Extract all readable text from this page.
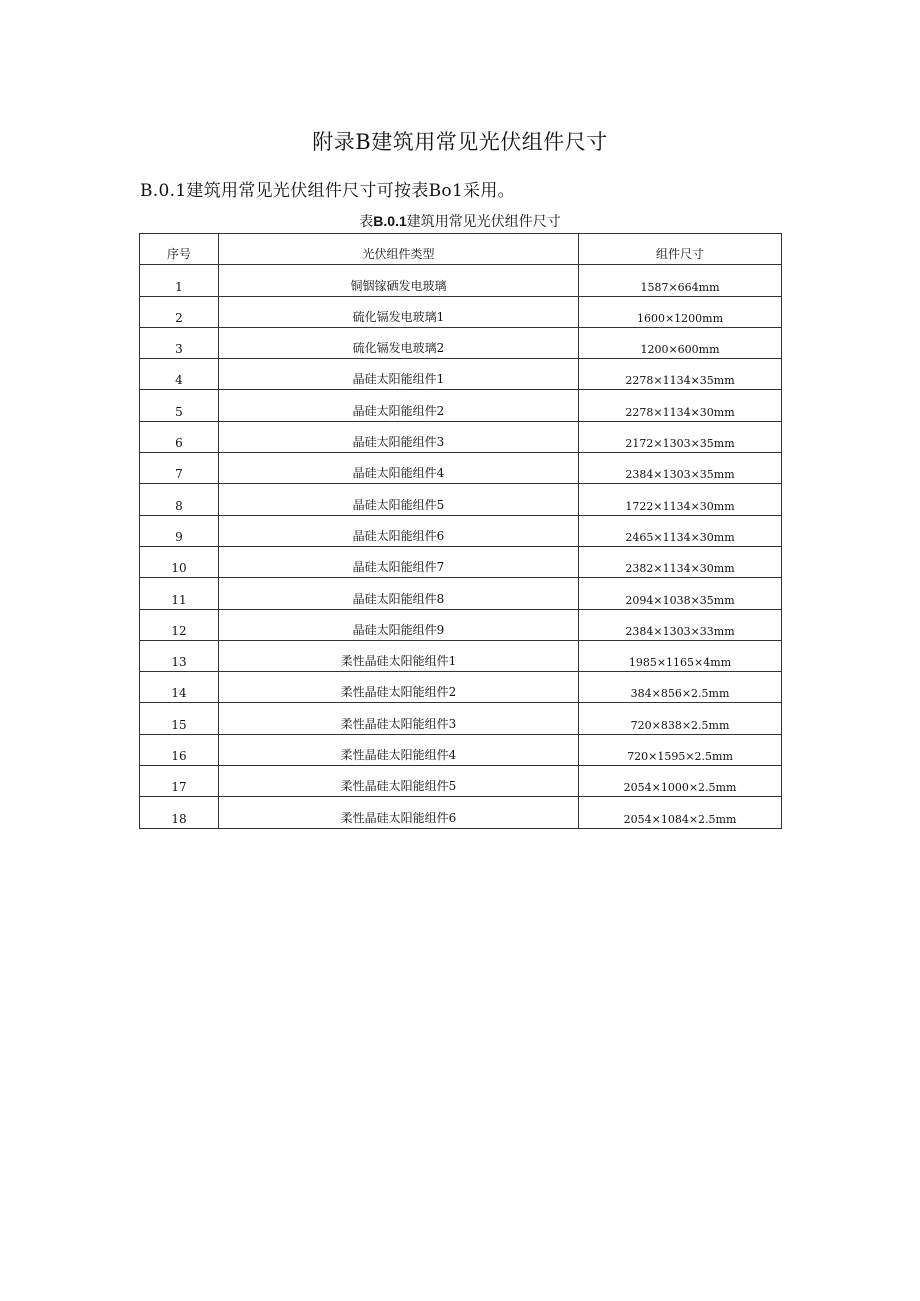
附录B建筑用常见光伏组件尺寸
B.0.1建筑用常见光伏组件尺寸可按表Bo1采用。
表B.0.1建筑用常见光伏组件尺寸
序号	光伏组件类型	组件尺寸
1	铜铟镓硒发电玻璃	1587×664mm
2	硫化镉发电玻璃1	1600×1200mm
3	硫化镉发电玻璃2	1200×600mm
4	晶硅太阳能组件1	2278×1134×35mm
5	晶硅太阳能组件2	2278×1134×30mm
6	晶硅太阳能组件3	2172×1303×35mm
7	晶硅太阳能组件4	2384×1303×35mm
8	晶硅太阳能组件5	1722×1134×30mm
9	晶硅太阳能组件6	2465×1134×30mm
10	晶硅太阳能组件7	2382×1134×30mm
11	晶硅太阳能组件8	2094×1038×35mm
12	晶硅太阳能组件9	2384×1303×33mm
13	柔性晶硅太阳能组件1	1985×1165×4mm
14	柔性晶硅太阳能组件2	384×856×2.5mm
15	柔性晶硅太阳能组件3	720×838×2.5mm
16	柔性晶硅太阳能组件4	720×1595×2.5mm
17	柔性晶硅太阳能组件5	2054×1000×2.5mm
18	柔性晶硅太阳能组件6	2054×1084×2.5mm
